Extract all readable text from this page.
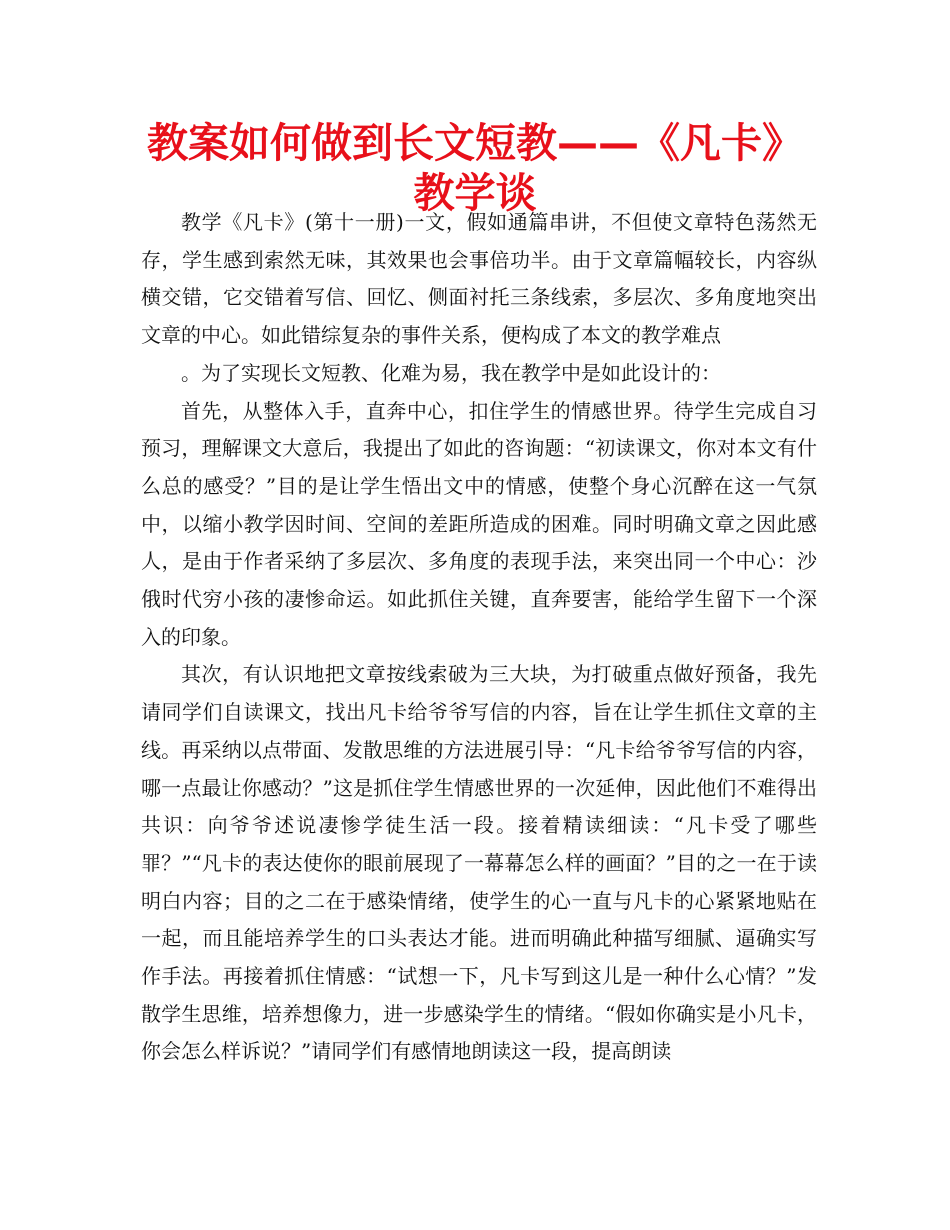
教案如何做到长文短教——《凡卡》教学谈

教学《凡卡》(第十一册)一文，假如通篇串讲，不但使文章特色荡然无存，学生感到索然无味，其效果也会事倍功半。由于文章篇幅较长，内容纵横交错，它交错着写信、回忆、侧面衬托三条线索，多层次、多角度地突出文章的中心。如此错综复杂的事件关系，便构成了本文的教学难点

。为了实现长文短教、化难为易，我在教学中是如此设计的：

首先，从整体入手，直奔中心，扣住学生的情感世界。待学生完成自习预习，理解课文大意后，我提出了如此的咨询题：“初读课文，你对本文有什么总的感受？”目的是让学生悟出文中的情感，使整个身心沉醉在这一气氛中，以缩小教学因时间、空间的差距所造成的困难。同时明确文章之因此感人，是由于作者采纳了多层次、多角度的表现手法，来突出同一个中心：沙俄时代穷小孩的凄惨命运。如此抓住关键，直奔要害，能给学生留下一个深入的印象。

其次，有认识地把文章按线索破为三大块，为打破重点做好预备，我先请同学们自读课文，找出凡卡给爷爷写信的内容，旨在让学生抓住文章的主线。再采纳以点带面、发散思维的方法进展引导：“凡卡给爷爷写信的内容，哪一点最让你感动？”这是抓住学生情感世界的一次延伸，因此他们不难得出共识：向爷爷述说凄惨学徒生活一段。接着精读细读：“凡卡受了哪些罪？”“凡卡的表达使你的眼前展现了一幕幕怎么样的画面？”目的之一在于读明白内容；目的之二在于感染情绪，使学生的心一直与凡卡的心紧紧地贴在一起，而且能培养学生的口头表达才能。进而明确此种描写细腻、逼确实写作手法。再接着抓住情感：“试想一下，凡卡写到这儿是一种什么心情？”发散学生思维，培养想像力，进一步感染学生的情绪。“假如你确实是小凡卡，你会怎么样诉说？”请同学们有感情地朗读这一段，提高朗读
